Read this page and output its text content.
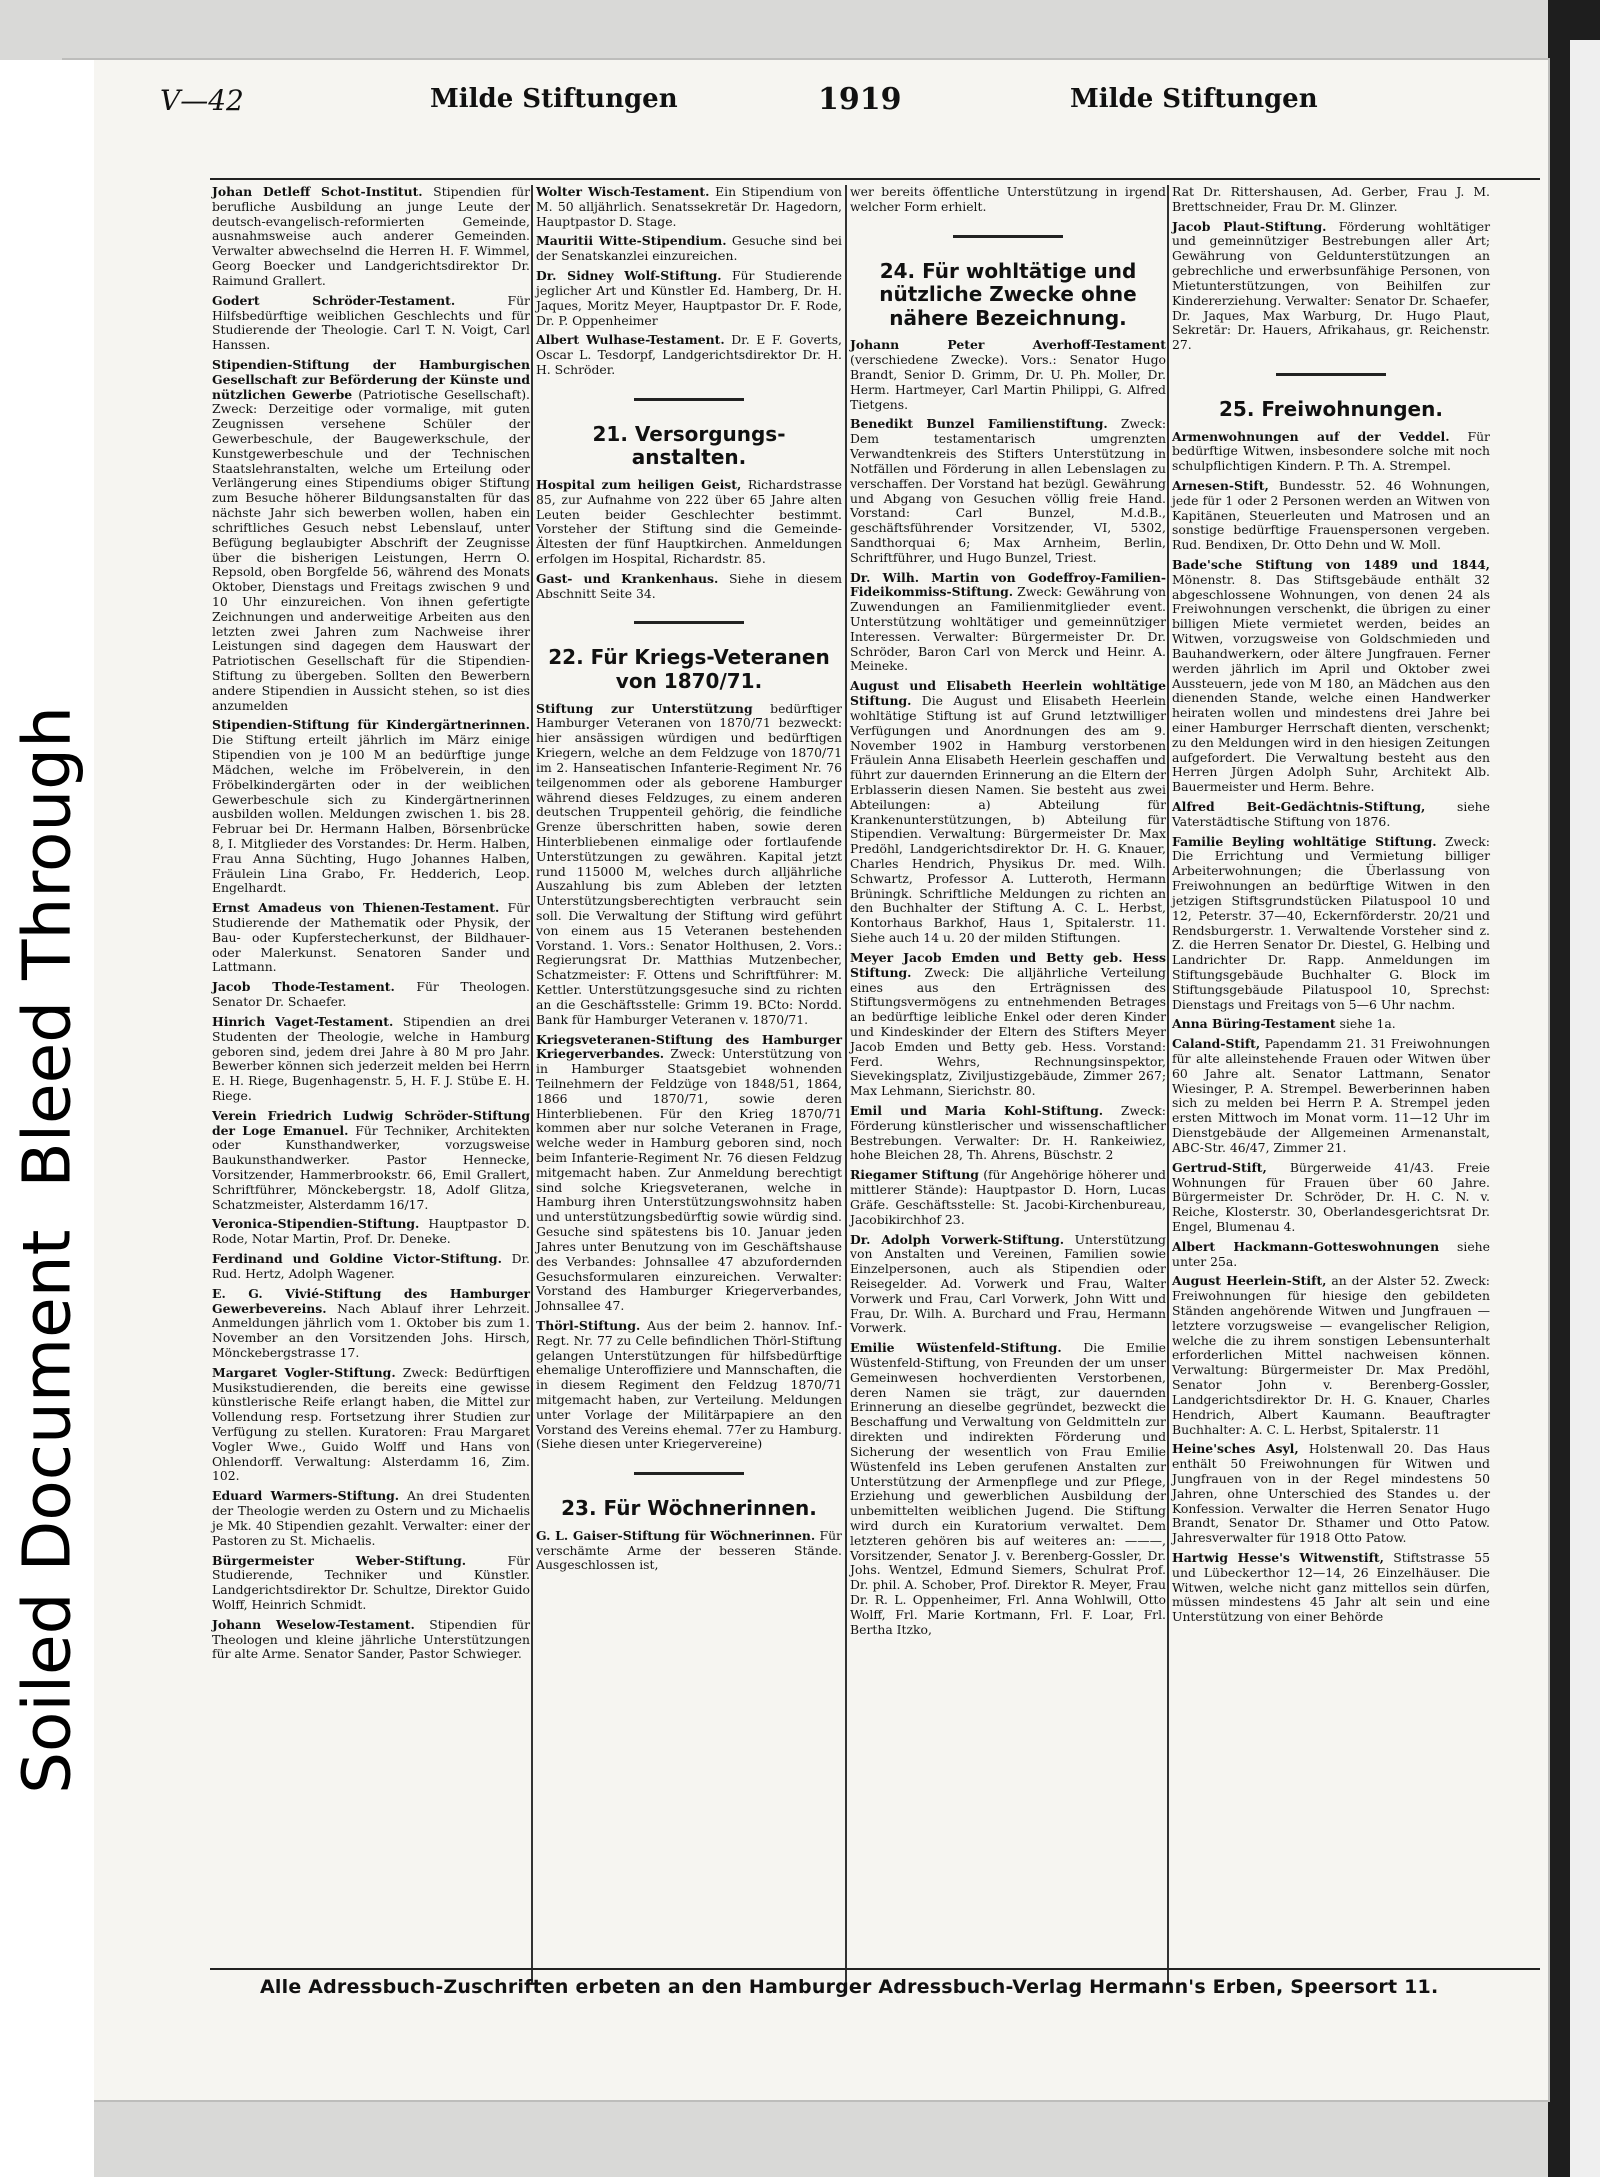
Soiled Document  Bleed Through
V—42	Milde Stiftungen	1919	Milde Stiftungen
Johan Detleff Schot-Institut. Stipendien für berufliche Ausbildung an junge Leute der deutsch-evangelisch-reformierten Gemeinde, ausnahmsweise auch anderer Gemeinden. Verwalter abwechselnd die Herren H. F. Wimmel, Georg Boecker und Landgerichtsdirektor Dr. Raimund Grallert.
Godert Schröder-Testament.	Für Hilfsbedürftige weiblichen Geschlechts und für Studierende der Theologie. Carl T. N. Voigt, Carl Hanssen.
Stipendien-Stiftung der Hamburgischen Gesellschaft zur Beförderung der Künste und nützlichen Gewerbe (Patriotische Gesellschaft). Zweck: Derzeitige oder vormalige, mit guten Zeugnissen versehene Schüler der Gewerbeschule, der Baugewerkschule, der Kunstgewerbeschule und der Technischen Staatslehranstalten, welche um Erteilung oder Verlängerung eines Stipendiums obiger Stiftung zum Besuche höherer Bildungsanstalten für das nächste Jahr sich bewerben wollen, haben ein schriftliches Gesuch nebst Lebenslauf, unter Befügung beglaubigter Abschrift der Zeugnisse über die bisherigen Leistungen, Herrn O. Repsold, oben Borgfelde 56, während des Monats Oktober, Dienstags und Freitags zwischen 9 und 10 Uhr einzureichen. Von ihnen gefertigte Zeichnungen und anderweitige Arbeiten aus den letzten zwei Jahren zum Nachweise ihrer Leistungen sind dagegen dem Hauswart der Patriotischen Gesellschaft für die Stipendien-Stiftung zu übergeben. Sollten den Bewerbern andere Stipendien in Aussicht stehen, so ist dies anzumelden
Stipendien-Stiftung für Kindergärtnerinnen. Die Stiftung erteilt jährlich im März einige Stipendien von je 100 M an bedürftige junge Mädchen, welche im Fröbelverein, in den Fröbelkindergärten oder in der weiblichen Gewerbeschule sich zu Kindergärtnerinnen ausbilden wollen. Meldungen zwischen 1. bis 28. Februar bei Dr. Hermann Halben, Börsenbrücke 8, I. Mitglieder des Vorstandes: Dr. Herm. Halben, Frau Anna Süchting, Hugo Johannes Halben, Fräulein Lina Grabo, Fr. Hedderich, Leop. Engelhardt.
Ernst Amadeus von Thienen-Testament. Für Studierende der Mathematik oder Physik, der Bau- oder Kupferstecherkunst, der Bildhauer- oder Malerkunst. Senatoren Sander und Lattmann.
Jacob Thode-Testament. Für Theologen. Senator Dr. Schaefer.
Hinrich Vaget-Testament. Stipendien an drei Studenten der Theologie, welche in Hamburg geboren sind, jedem drei Jahre à 80 M pro Jahr. Bewerber können sich jederzeit melden bei Herrn E. H. Riege, Bugenhagenstr. 5, H. F. J. Stübe E. H. Riege.
Verein Friedrich Ludwig Schröder-Stiftung der Loge Emanuel. Für Techniker, Architekten oder Kunsthandwerker, vorzugsweise Baukunsthandwerker. Pastor Hennecke, Vorsitzender, Hammerbrookstr. 66, Emil Grallert, Schriftführer, Mönckebergstr. 18, Adolf Glitza, Schatzmeister, Alsterdamm 16/17.
Veronica-Stipendien-Stiftung. Hauptpastor D. Rode, Notar Martin, Prof. Dr. Deneke.
Ferdinand und Goldine Victor-Stiftung. Dr. Rud. Hertz, Adolph Wagener.
E. G. Vivié-Stiftung des Hamburger Gewerbevereins. Nach Ablauf ihrer Lehrzeit. Anmeldungen jährlich vom 1. Oktober bis zum 1. November an den Vorsitzenden Johs. Hirsch, Mönckebergstrasse 17.
Margaret Vogler-Stiftung. Zweck: Bedürftigen Musikstudierenden, die bereits eine gewisse künstlerische Reife erlangt haben, die Mittel zur Vollendung resp. Fortsetzung ihrer Studien zur Verfügung zu stellen. Kuratoren: Frau Margaret Vogler Wwe., Guido Wolff und Hans von Ohlendorff. Verwaltung: Alsterdamm 16, Zim. 102.
Eduard Warmers-Stiftung. An drei Studenten der Theologie werden zu Ostern und zu Michaelis je Mk. 40 Stipendien gezahlt. Verwalter: einer der Pastoren zu St. Michaelis.
Bürgermeister Weber-Stiftung.	Für Studierende, Techniker und Künstler. Landgerichtsdirektor Dr. Schultze, Direktor Guido Wolff, Heinrich Schmidt.
Johann Weselow-Testament. Stipendien für Theologen und kleine jährliche Unterstützungen für alte Arme. Senator Sander, Pastor Schwieger.
Wolter Wisch-Testament. Ein Stipendium von M. 50 alljährlich. Senatssekretär Dr. Hagedorn, Hauptpastor D. Stage.
Mauritii Witte-Stipendium. Gesuche sind bei der Senatskanzlei einzureichen.
Dr. Sidney Wolf-Stiftung. Für Studierende jeglicher Art und Künstler Ed. Hamberg, Dr. H. Jaques, Moritz Meyer, Hauptpastor Dr. F. Rode, Dr. P. Oppenheimer
Albert Wulhase-Testament. Dr. E F. Goverts, Oscar L. Tesdorpf, Landgerichtsdirektor Dr. H. H. Schröder.
21. Versorgungs-anstalten.
Hospital zum heiligen Geist, Richardstrasse 85, zur Aufnahme von 222 über 65 Jahre alten Leuten beider Geschlechter bestimmt. Vorsteher der Stiftung sind die Gemeinde-Ältesten der fünf Hauptkirchen. Anmeldungen erfolgen im Hospital, Richardstr. 85.
Gast- und Krankenhaus. Siehe in diesem Abschnitt Seite 34.
22. Für Kriegs-Veteranen von 1870/71.
Stiftung zur Unterstützung bedürftiger Hamburger Veteranen von 1870/71 bezweckt: hier ansässigen würdigen und bedürftigen Kriegern, welche an dem Feldzuge von 1870/71 im 2. Hanseatischen Infanterie-Regiment Nr. 76 teilgenommen oder als geborene Hamburger während dieses Feldzuges, zu einem anderen deutschen Truppenteil gehörig, die feindliche Grenze überschritten haben, sowie deren Hinterbliebenen einmalige oder fortlaufende Unterstützungen zu gewähren. Kapital jetzt rund 115000 M, welches durch alljährliche Auszahlung bis zum Ableben der letzten Unterstützungsberechtigten verbraucht sein soll. Die Verwaltung der Stiftung wird geführt von einem aus 15 Veteranen bestehenden Vorstand. 1. Vors.: Senator Holthusen, 2. Vors.: Regierungsrat Dr. Matthias Mutzenbecher, Schatzmeister: F. Ottens und Schriftführer: M. Kettler. Unterstützungsgesuche sind zu richten an die Geschäftsstelle: Grimm 19. BCto: Nordd. Bank für Hamburger Veteranen v. 1870/71.
Kriegsveteranen-Stiftung des Hamburger Kriegerverbandes. Zweck: Unterstützung von in Hamburger Staatsgebiet wohnenden Teilnehmern der Feldzüge von 1848/51, 1864, 1866 und 1870/71, sowie deren Hinterbliebenen. Für den Krieg 1870/71 kommen aber nur solche Veteranen in Frage, welche weder in Hamburg geboren sind, noch beim Infanterie-Regiment Nr. 76 diesen Feldzug mitgemacht haben. Zur Anmeldung berechtigt sind solche Kriegsveteranen, welche in Hamburg ihren Unterstützungswohnsitz haben und unterstützungsbedürftig sowie würdig sind. Gesuche sind spätestens bis 10. Januar jeden Jahres unter Benutzung von im Geschäftshause des Verbandes: Johnsallee 47 abzufordernden Gesuchsformularen einzureichen. Verwalter: Vorstand des Hamburger Kriegerverbandes, Johnsallee 47.
Thörl-Stiftung. Aus der beim 2. hannov. Inf.-Regt. Nr. 77 zu Celle befindlichen Thörl-Stiftung gelangen Unterstützungen für hilfsbedürftige ehemalige Unteroffiziere und Mannschaften, die in diesem Regiment den Feldzug 1870/71 mitgemacht haben, zur Verteilung. Meldungen unter Vorlage der Militärpapiere an den Vorstand des Vereins ehemal. 77er zu Hamburg. (Siehe diesen unter Kriegervereine)
23. Für Wöchnerinnen.
G. L. Gaiser-Stiftung für Wöchnerinnen. Für verschämte Arme der besseren Stände. Ausgeschlossen ist,
wer bereits öffentliche Unterstützung in irgend welcher Form erhielt.
24. Für wohltätige und nützliche Zwecke ohne nähere Bezeichnung.
Johann Peter Averhoff-Testament (verschiedene Zwecke). Vors.: Senator Hugo Brandt, Senior D. Grimm, Dr. U. Ph. Moller, Dr. Herm. Hartmeyer, Carl Martin Philippi, G. Alfred Tietgens.
Benedikt Bunzel Familienstiftung. Zweck: Dem testamentarisch umgrenzten Verwandtenkreis des Stifters Unterstützung in Notfällen und Förderung in allen Lebenslagen zu verschaffen. Der Vorstand hat bezügl. Gewährung und Abgang von Gesuchen völlig freie Hand. Vorstand: Carl Bunzel, M.d.B., geschäftsführender Vorsitzender, VI, 5302, Sandthorquai 6; Max Arnheim, Berlin, Schriftführer, und Hugo Bunzel, Triest.
Dr. Wilh. Martin von Godeffroy-Familien-Fideikommiss-Stiftung. Zweck: Gewährung von Zuwendungen an Familienmitglieder event. Unterstützung wohltätiger und gemeinnütziger Interessen. Verwalter: Bürgermeister Dr. Dr. Schröder, Baron Carl von Merck und Heinr. A. Meineke.
August und Elisabeth Heerlein wohltätige Stiftung. Die August und Elisabeth Heerlein wohltätige Stiftung ist auf Grund letztwilliger Verfügungen und Anordnungen des am 9. November 1902 in Hamburg verstorbenen Fräulein Anna Elisabeth Heerlein geschaffen und führt zur dauernden Erinnerung an die Eltern der Erblasserin diesen Namen. Sie besteht aus zwei Abteilungen: a) Abteilung für Krankenunterstützungen, b) Abteilung für Stipendien. Verwaltung: Bürgermeister Dr. Max Predöhl, Landgerichtsdirektor Dr. H. G. Knauer, Charles Hendrich, Physikus Dr. med. Wilh. Schwartz, Professor A. Lutteroth, Hermann Brüningk. Schriftliche Meldungen zu richten an den Buchhalter der Stiftung A. C. L. Herbst, Kontorhaus Barkhof, Haus 1, Spitalerstr. 11. Siehe auch 14 u. 20 der milden Stiftungen.
Meyer Jacob Emden und Betty geb. Hess Stiftung. Zweck: Die alljährliche Verteilung eines aus den Erträgnissen des Stiftungsvermögens zu entnehmenden Betrages an bedürftige leibliche Enkel oder deren Kinder und Kindeskinder der Eltern des Stifters Meyer Jacob Emden und Betty geb. Hess. Vorstand: Ferd. Wehrs, Rechnungsinspektor, Sievekingsplatz, Ziviljustizgebäude, Zimmer 267; Max Lehmann, Sierichstr. 80.
Emil und Maria Kohl-Stiftung. Zweck: Förderung künstlerischer und wissenschaftlicher Bestrebungen. Verwalter: Dr. H. Rankeiwiez, hohe Bleichen 28, Th. Ahrens, Büschstr. 2
Riegamer Stiftung (für Angehörige höherer und mittlerer Stände): Hauptpastor D. Horn, Lucas Gräfe. Geschäftsstelle: St. Jacobi-Kirchenbureau, Jacobikirchhof 23.
Dr. Adolph Vorwerk-Stiftung. Unterstützung von Anstalten und Vereinen, Familien sowie Einzelpersonen, auch als Stipendien oder Reisegelder. Ad. Vorwerk und Frau, Walter Vorwerk und Frau, Carl Vorwerk, John Witt und Frau, Dr. Wilh. A. Burchard und Frau, Hermann Vorwerk.
Emilie Wüstenfeld-Stiftung. Die Emilie Wüstenfeld-Stiftung, von Freunden der um unser Gemeinwesen hochverdienten Verstorbenen, deren Namen sie trägt, zur dauernden Erinnerung an dieselbe gegründet, bezweckt die Beschaffung und Verwaltung von Geldmitteln zur direkten und indirekten Förderung und Sicherung der wesentlich von Frau Emilie Wüstenfeld ins Leben gerufenen Anstalten zur Unterstützung der Armenpflege und zur Pflege, Erziehung und gewerblichen Ausbildung der unbemittelten weiblichen Jugend. Die Stiftung wird durch ein Kuratorium verwaltet. Dem letzteren gehören bis auf weiteres an: ———, Vorsitzender, Senator J. v. Berenberg-Gossler, Dr. Johs. Wentzel, Edmund Siemers, Schulrat Prof. Dr. phil. A. Schober, Prof. Direktor R. Meyer, Frau Dr. R. L. Oppenheimer, Frl. Anna Wohlwill, Otto Wolff, Frl. Marie Kortmann, Frl. F. Loar, Frl. Bertha Itzko,
Rat Dr. Rittershausen, Ad. Gerber, Frau J. M. Brettschneider, Frau Dr. M. Glinzer.
Jacob Plaut-Stiftung. Förderung wohltätiger und gemeinnütziger Bestrebungen aller Art; Gewährung von Geldunterstützungen an gebrechliche und erwerbsunfähige Personen, von Mietunterstützungen, von Beihilfen zur Kindererziehung. Verwalter: Senator Dr. Schaefer, Dr. Jaques, Max Warburg, Dr. Hugo Plaut, Sekretär: Dr. Hauers, Afrikahaus, gr. Reichenstr. 27.
25. Freiwohnungen.
Armenwohnungen auf der Veddel. Für bedürftige Witwen, insbesondere solche mit noch schulpflichtigen Kindern. P. Th. A. Strempel.
Arnesen-Stift, Bundesstr. 52. 46 Wohnungen, jede für 1 oder 2 Personen werden an Witwen von Kapitänen, Steuerleuten und Matrosen und an sonstige bedürftige Frauenspersonen vergeben. Rud. Bendixen, Dr. Otto Dehn und W. Moll.
Bade'sche Stiftung von 1489 und 1844, Mönenstr. 8. Das Stiftsgebäude enthält 32 abgeschlossene Wohnungen, von denen 24 als Freiwohnungen verschenkt, die übrigen zu einer billigen Miete vermietet werden, beides an Witwen, vorzugsweise von Goldschmieden und Bauhandwerkern, oder ältere Jungfrauen. Ferner werden jährlich im April und Oktober zwei Aussteuern, jede von M 180, an Mädchen aus den dienenden Stande, welche einen Handwerker heiraten wollen und mindestens drei Jahre bei einer Hamburger Herrschaft dienten, verschenkt; zu den Meldungen wird in den hiesigen Zeitungen aufgefordert. Die Verwaltung besteht aus den Herren Jürgen Adolph Suhr, Architekt Alb. Bauermeister und Herm. Behre.
Alfred Beit-Gedächtnis-Stiftung,	siehe Vaterstädtische Stiftung von 1876.
Familie Beyling wohltätige Stiftung. Zweck: Die Errichtung und Vermietung billiger Arbeiterwohnungen; die Überlassung von Freiwohnungen an bedürftige Witwen in den jetzigen Stiftsgrundstücken Pilatuspool 10 und 12, Peterstr. 37—40, Eckernförderstr. 20/21 und Rendsburgerstr. 1. Verwaltende Vorsteher sind z. Z. die Herren Senator Dr. Diestel, G. Helbing und Landrichter Dr. Rapp. Anmeldungen im Stiftungsgebäude Buchhalter G. Block im Stiftungsgebäude Pilatuspool 10, Sprechst: Dienstags und Freitags von 5—6 Uhr nachm.
Anna Büring-Testament siehe 1a.
Caland-Stift, Papendamm 21. 31 Freiwohnungen für alte alleinstehende Frauen oder Witwen über 60 Jahre alt. Senator Lattmann, Senator Wiesinger, P. A. Strempel. Bewerberinnen haben sich zu melden bei Herrn P. A. Strempel jeden ersten Mittwoch im Monat vorm. 11—12 Uhr im Dienstgebäude der Allgemeinen Armenanstalt, ABC-Str. 46/47, Zimmer 21.
Gertrud-Stift, Bürgerweide 41/43. Freie Wohnungen für Frauen über 60 Jahre. Bürgermeister Dr. Schröder, Dr. H. C. N. v. Reiche, Klosterstr. 30, Oberlandesgerichtsrat Dr. Engel, Blumenau 4.
Albert Hackmann-Gotteswohnungen siehe unter 25a.
August Heerlein-Stift, an der Alster 52. Zweck: Freiwohnungen für hiesige den gebildeten Ständen angehörende Witwen und Jungfrauen — letztere vorzugsweise — evangelischer Religion, welche die zu ihrem sonstigen Lebensunterhalt erforderlichen Mittel nachweisen können. Verwaltung: Bürgermeister Dr. Max Predöhl, Senator John v. Berenberg-Gossler, Landgerichtsdirektor Dr. H. G. Knauer, Charles Hendrich, Albert Kaumann. Beauftragter Buchhalter: A. C. L. Herbst, Spitalerstr. 11
Heine'sches Asyl, Holstenwall 20. Das Haus enthält 50 Freiwohnungen für Witwen und Jungfrauen von in der Regel mindestens 50 Jahren, ohne Unterschied des Standes u. der Konfession. Verwalter die Herren Senator Hugo Brandt, Senator Dr. Sthamer und Otto Patow. Jahresverwalter für 1918 Otto Patow.
Hartwig Hesse's Witwenstift, Stiftstrasse 55 und Lübeckerthor 12—14, 26 Einzelhäuser. Die Witwen, welche nicht ganz mittellos sein dürfen, müssen mindestens 45 Jahr alt sein und eine Unterstützung von einer Behörde
Alle Adressbuch-Zuschriften erbeten an den Hamburger Adressbuch-Verlag Hermann's Erben, Speersort 11.
